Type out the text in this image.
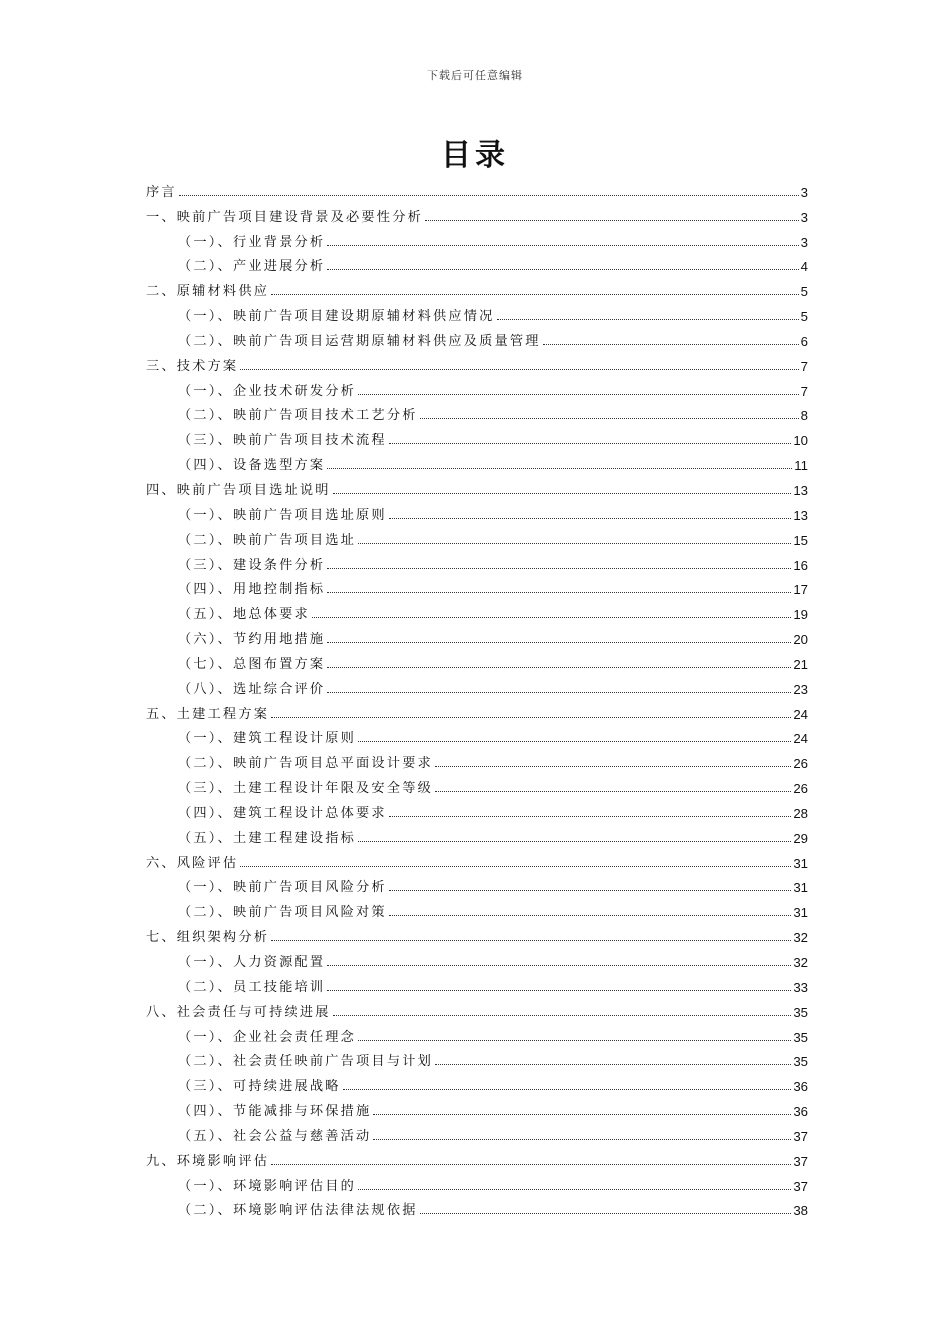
下载后可任意编辑
目录
序言	3
一、映前广告项目建设背景及必要性分析	3
（一）、行业背景分析	3
（二）、产业进展分析	4
二、原辅材料供应	5
（一）、映前广告项目建设期原辅材料供应情况	5
（二）、映前广告项目运营期原辅材料供应及质量管理	6
三、技术方案	7
（一）、企业技术研发分析	7
（二）、映前广告项目技术工艺分析	8
（三）、映前广告项目技术流程	10
（四）、设备选型方案	11
四、映前广告项目选址说明	13
（一）、映前广告项目选址原则	13
（二）、映前广告项目选址	15
（三）、建设条件分析	16
（四）、用地控制指标	17
（五）、地总体要求	19
（六）、节约用地措施	20
（七）、总图布置方案	21
（八）、选址综合评价	23
五、土建工程方案	24
（一）、建筑工程设计原则	24
（二）、映前广告项目总平面设计要求	26
（三）、土建工程设计年限及安全等级	26
（四）、建筑工程设计总体要求	28
（五）、土建工程建设指标	29
六、风险评估	31
（一）、映前广告项目风险分析	31
（二）、映前广告项目风险对策	31
七、组织架构分析	32
（一）、人力资源配置	32
（二）、员工技能培训	33
八、社会责任与可持续进展	35
（一）、企业社会责任理念	35
（二）、社会责任映前广告项目与计划	35
（三）、可持续进展战略	36
（四）、节能减排与环保措施	36
（五）、社会公益与慈善活动	37
九、环境影响评估	37
（一）、环境影响评估目的	37
（二）、环境影响评估法律法规依据	38
